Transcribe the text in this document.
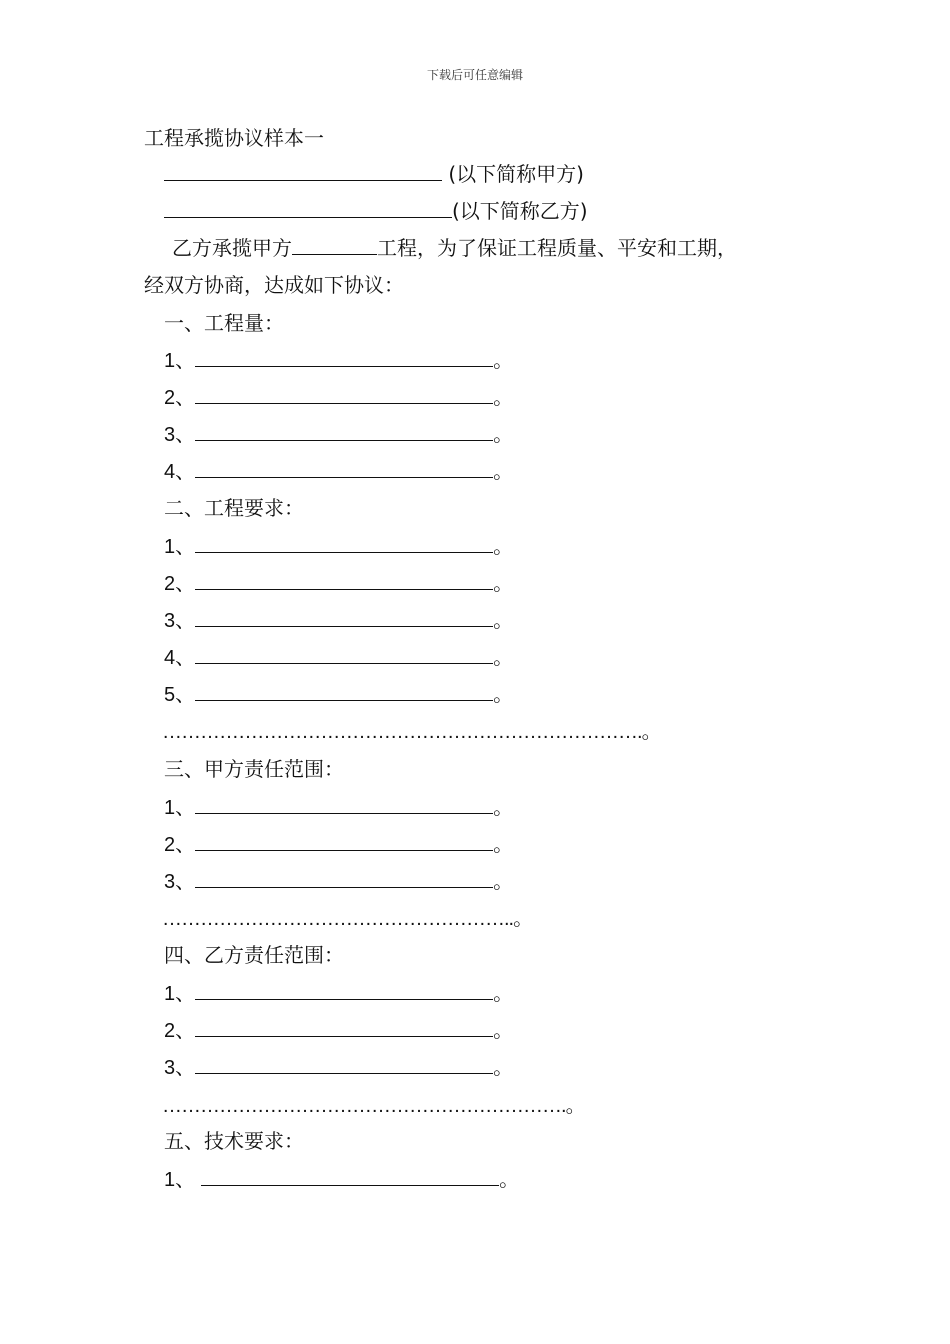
下载后可任意编辑
工程承揽协议样本一
(以下简称甲方)
(以下简称乙方)
乙方承揽甲方	工程，为了保证工程质量、平安和工期，
经双方协商，达成如下协议：
一、工程量：
1、	。
2、	。
3、	。
4、	。
二、工程要求：
1、	。
2、	。
3、	。
4、	。
5、	。
………………………………………………………………….。
三、甲方责任范围：
1、	。
2、	。
3、	。
………………………………………………..。
四、乙方责任范围：
1、	。
2、	。
3、	。
……………………………………………………….。
五、技术要求：
1、	。
